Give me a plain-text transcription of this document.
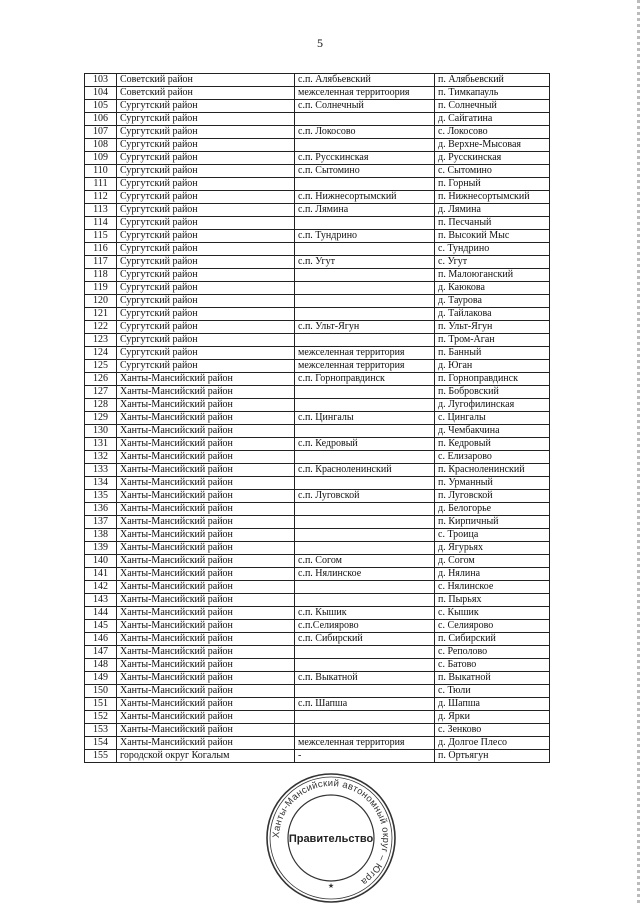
5
103	Советский район	с.п. Алябьевский	п. Алябьевский
104	Советский район	межселенная территоория	п. Тимкапауль
105	Сургутский район	с.п. Солнечный	п. Солнечный
106	Сургутский район		д. Сайгатина
107	Сургутский район	с.п. Локосово	с. Локосово
108	Сургутский район		д. Верхне-Мысовая
109	Сургутский район	с.п. Русскинская	д. Русскинская
110	Сургутский район	с.п. Сытомино	с. Сытомино
111	Сургутский район		п. Горный
112	Сургутский район	с.п. Нижнесортымский	п. Нижнесортымский
113	Сургутский район	с.п. Лямина	д. Лямина
114	Сургутский район		п. Песчаный
115	Сургутский район	с.п. Тундрино	п. Высокий Мыс
116	Сургутский район		с. Тундрино
117	Сургутский район	с.п. Угут	с. Угут
118	Сургутский район		п. Малоюганский
119	Сургутский район		д. Каюкова
120	Сургутский район		д. Таурова
121	Сургутский район		д. Тайлакова
122	Сургутский район	с.п. Ульт-Ягун	п. Ульт-Ягун
123	Сургутский район		п. Тром-Аган
124	Сургутский район	межселенная территория	п. Банный
125	Сургутский район	межселенная территория	д. Юган
126	Ханты-Мансийский район	с.п. Горноправдинск	п. Горноправдинск
127	Ханты-Мансийский район		п. Бобровский
128	Ханты-Мансийский район		д. Лугофилинская
129	Ханты-Мансийский район	с.п. Цингалы	с. Цингалы
130	Ханты-Мансийский район		д. Чембакчина
131	Ханты-Мансийский район	с.п. Кедровый	п. Кедровый
132	Ханты-Мансийский район		с. Елизарово
133	Ханты-Мансийский район	с.п. Красноленинский	п. Красноленинский
134	Ханты-Мансийский район		п. Урманный
135	Ханты-Мансийский район	с.п. Луговской	п. Луговской
136	Ханты-Мансийский район		д. Белогорье
137	Ханты-Мансийский район		п. Кирпичный
138	Ханты-Мансийский район		с. Троица
139	Ханты-Мансийский район		д. Ягурьях
140	Ханты-Мансийский район	с.п. Согом	д. Согом
141	Ханты-Мансийский район	с.п. Нялинское	д. Нялина
142	Ханты-Мансийский район		с. Нялинское
143	Ханты-Мансийский район		п. Пырьях
144	Ханты-Мансийский район	с.п. Кышик	с. Кышик
145	Ханты-Мансийский район	с.п.Селиярово	с. Селиярово
146	Ханты-Мансийский район	с.п. Сибирский	п. Сибирский
147	Ханты-Мансийский район		с. Реполово
148	Ханты-Мансийский район		с. Батово
149	Ханты-Мансийский район	с.п. Выкатной	п. Выкатной
150	Ханты-Мансийский район		с. Тюли
151	Ханты-Мансийский район	с.п. Шапша	д. Шапша
152	Ханты-Мансийский район		д. Ярки
153	Ханты-Мансийский район		с. Зенково
154	Ханты-Мансийский район	межселенная территория	д. Долгое Плесо
155	городской округ Когалым	-	п. Ортьягун
Ханты-Мансийский автономный округ – Югра
Правительство
★
